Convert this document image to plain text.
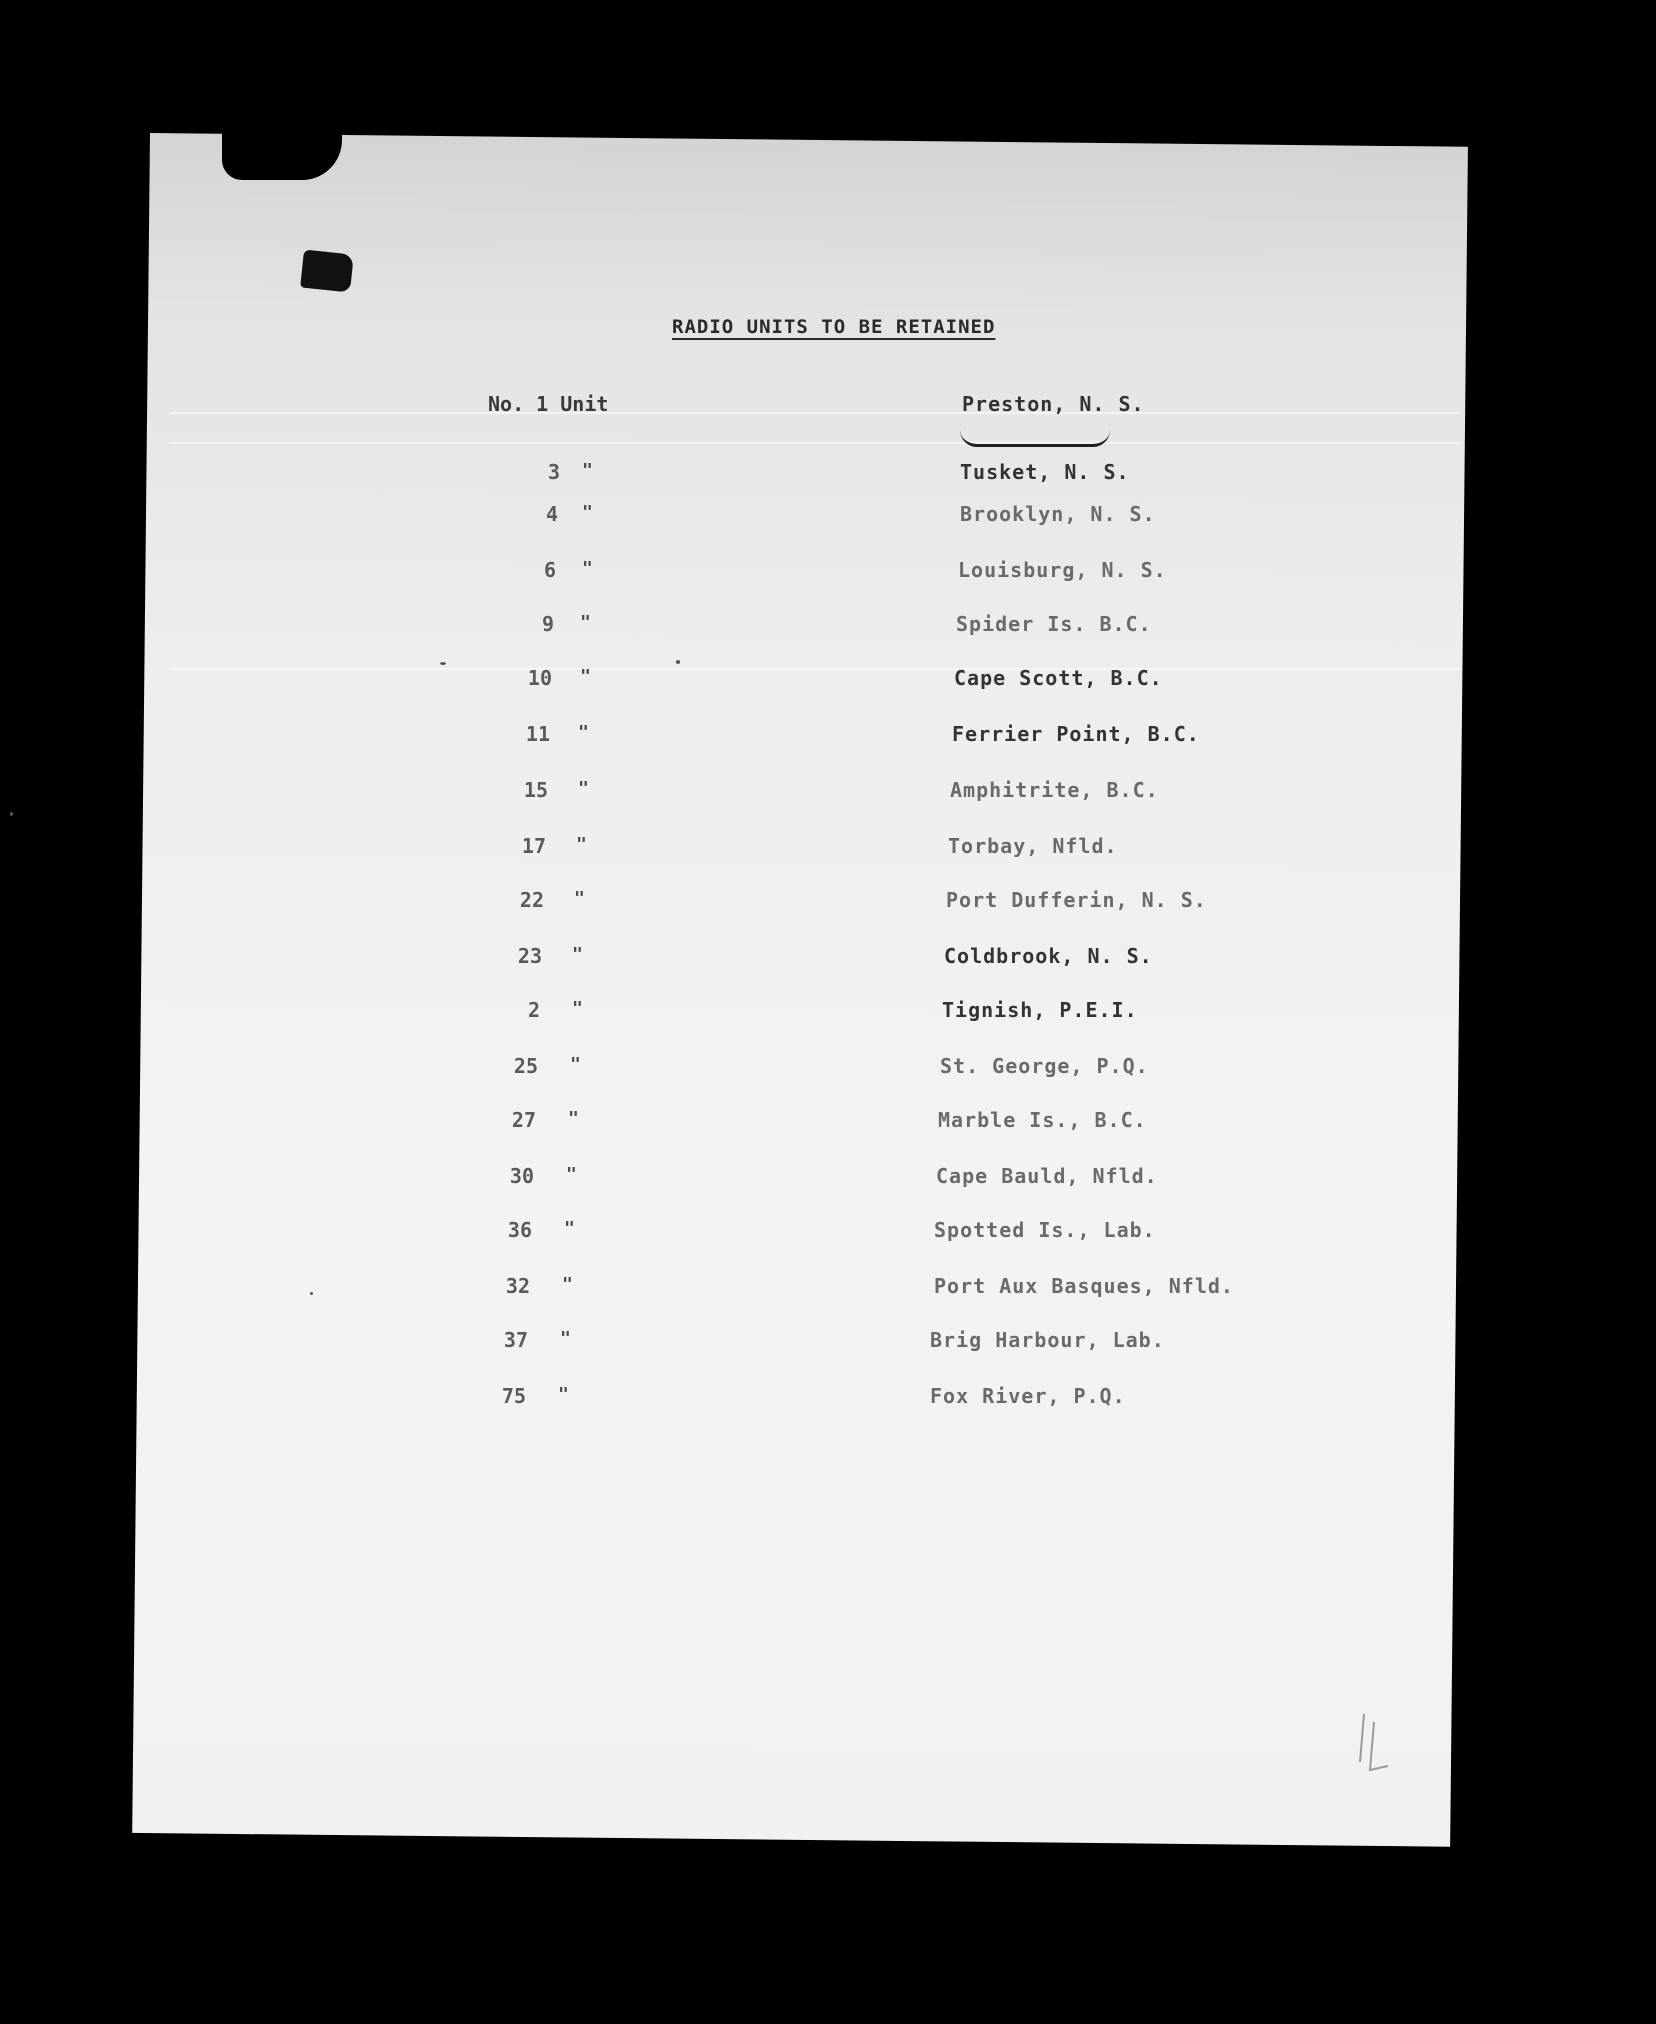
RADIO UNITS TO BE RETAINED
No. 1 Unit	Preston, N. S.
3 "	Tusket, N. S.
4 "	Brooklyn, N. S.
6 "	Louisburg, N. S.
9 "	Spider Is. B.C.
10 "	Cape Scott, B.C.
11 "	Ferrier Point, B.C.
15 "	Amphitrite, B.C.
17 "	Torbay, Nfld.
22 "	Port Dufferin, N. S.
23 "	Coldbrook, N. S.
2 "	Tignish, P.E.I.
25 "	St. George, P.Q.
27 "	Marble Is., B.C.
30 "	Cape Bauld, Nfld.
36 "	Spotted Is., Lab.
32 "	Port Aux Basques, Nfld.
37 "	Brig Harbour, Lab.
75 "	Fox River, P.Q.
